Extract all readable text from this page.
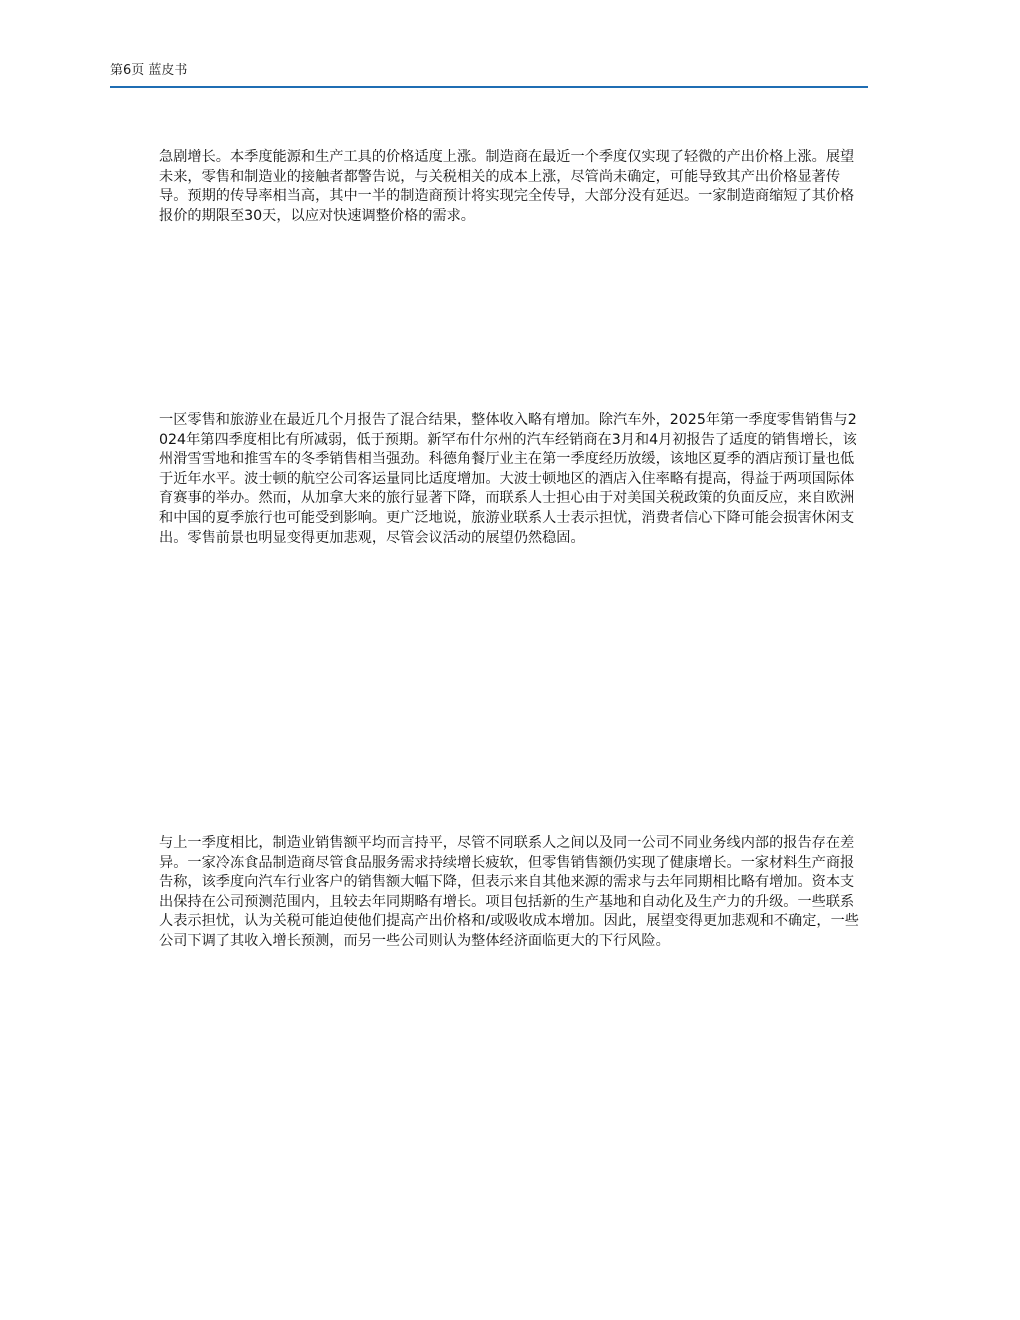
第6页 蓝皮书

急剧增长。本季度能源和生产工具的价格适度上涨。制造商在最近一个季度仅实现了轻微的产出价格上涨。展望未来，零售和制造业的接触者都警告说，与关税相关的成本上涨，尽管尚未确定，可能导致其产出价格显著传导。预期的传导率相当高，其中一半的制造商预计将实现完全传导，大部分没有延迟。一家制造商缩短了其价格报价的期限至30天，以应对快速调整价格的需求。

一区零售和旅游业在最近几个月报告了混合结果，整体收入略有增加。除汽车外，2025年第一季度零售销售与2024年第四季度相比有所减弱，低于预期。新罕布什尔州的汽车经销商在3月和4月初报告了适度的销售增长，该州滑雪雪地和推雪车的冬季销售相当强劲。科德角餐厅业主在第一季度经历放缓，该地区夏季的酒店预订量也低于近年水平。波士顿的航空公司客运量同比适度增加。大波士顿地区的酒店入住率略有提高，得益于两项国际体育赛事的举办。然而，从加拿大来的旅行显著下降，而联系人士担心由于对美国关税政策的负面反应，来自欧洲和中国的夏季旅行也可能受到影响。更广泛地说，旅游业联系人士表示担忧，消费者信心下降可能会损害休闲支出。零售前景也明显变得更加悲观，尽管会议活动的展望仍然稳固。

与上一季度相比，制造业销售额平均而言持平，尽管不同联系人之间以及同一公司不同业务线内部的报告存在差异。一家冷冻食品制造商尽管食品服务需求持续增长疲软，但零售销售额仍实现了健康增长。一家材料生产商报告称，该季度向汽车行业客户的销售额大幅下降，但表示来自其他来源的需求与去年同期相比略有增加。资本支出保持在公司预测范围内，且较去年同期略有增长。项目包括新的生产基地和自动化及生产力的升级。一些联系人表示担忧，认为关税可能迫使他们提高产出价格和/或吸收成本增加。因此，展望变得更加悲观和不确定，一些公司下调了其收入增长预测，而另一些公司则认为整体经济面临更大的下行风险。
